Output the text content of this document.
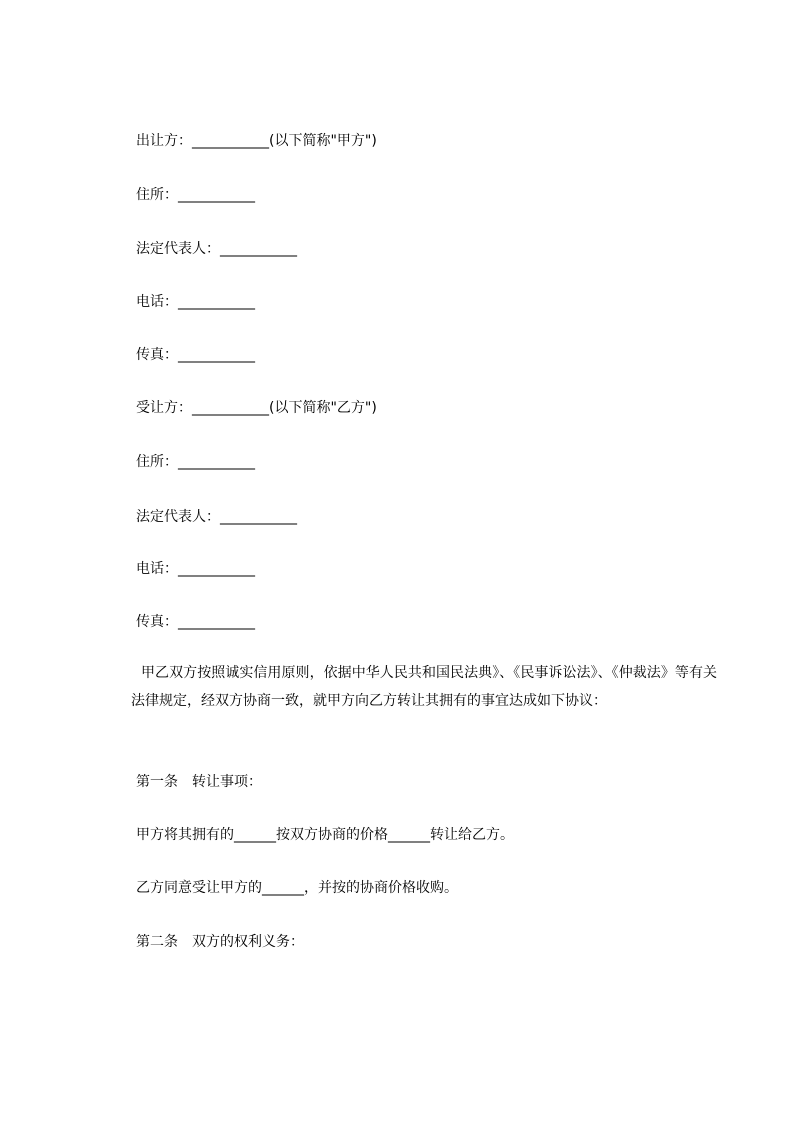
出让方：___________(以下简称"甲方")
住所：___________
法定代表人：___________
电话：___________
传真：___________
受让方：___________(以下简称"乙方")
住所：___________
法定代表人：___________
电话：___________
传真：___________
甲乙双方按照诚实信用原则，依据中华人民共和国民法典》、《民事诉讼法》、《仲裁法》等有关法律规定，经双方协商一致，就甲方向乙方转让其拥有的事宜达成如下协议：
第一条　转让事项：
甲方将其拥有的______按双方协商的价格______转让给乙方。
乙方同意受让甲方的______，并按的协商价格收购。
第二条　双方的权利义务：
